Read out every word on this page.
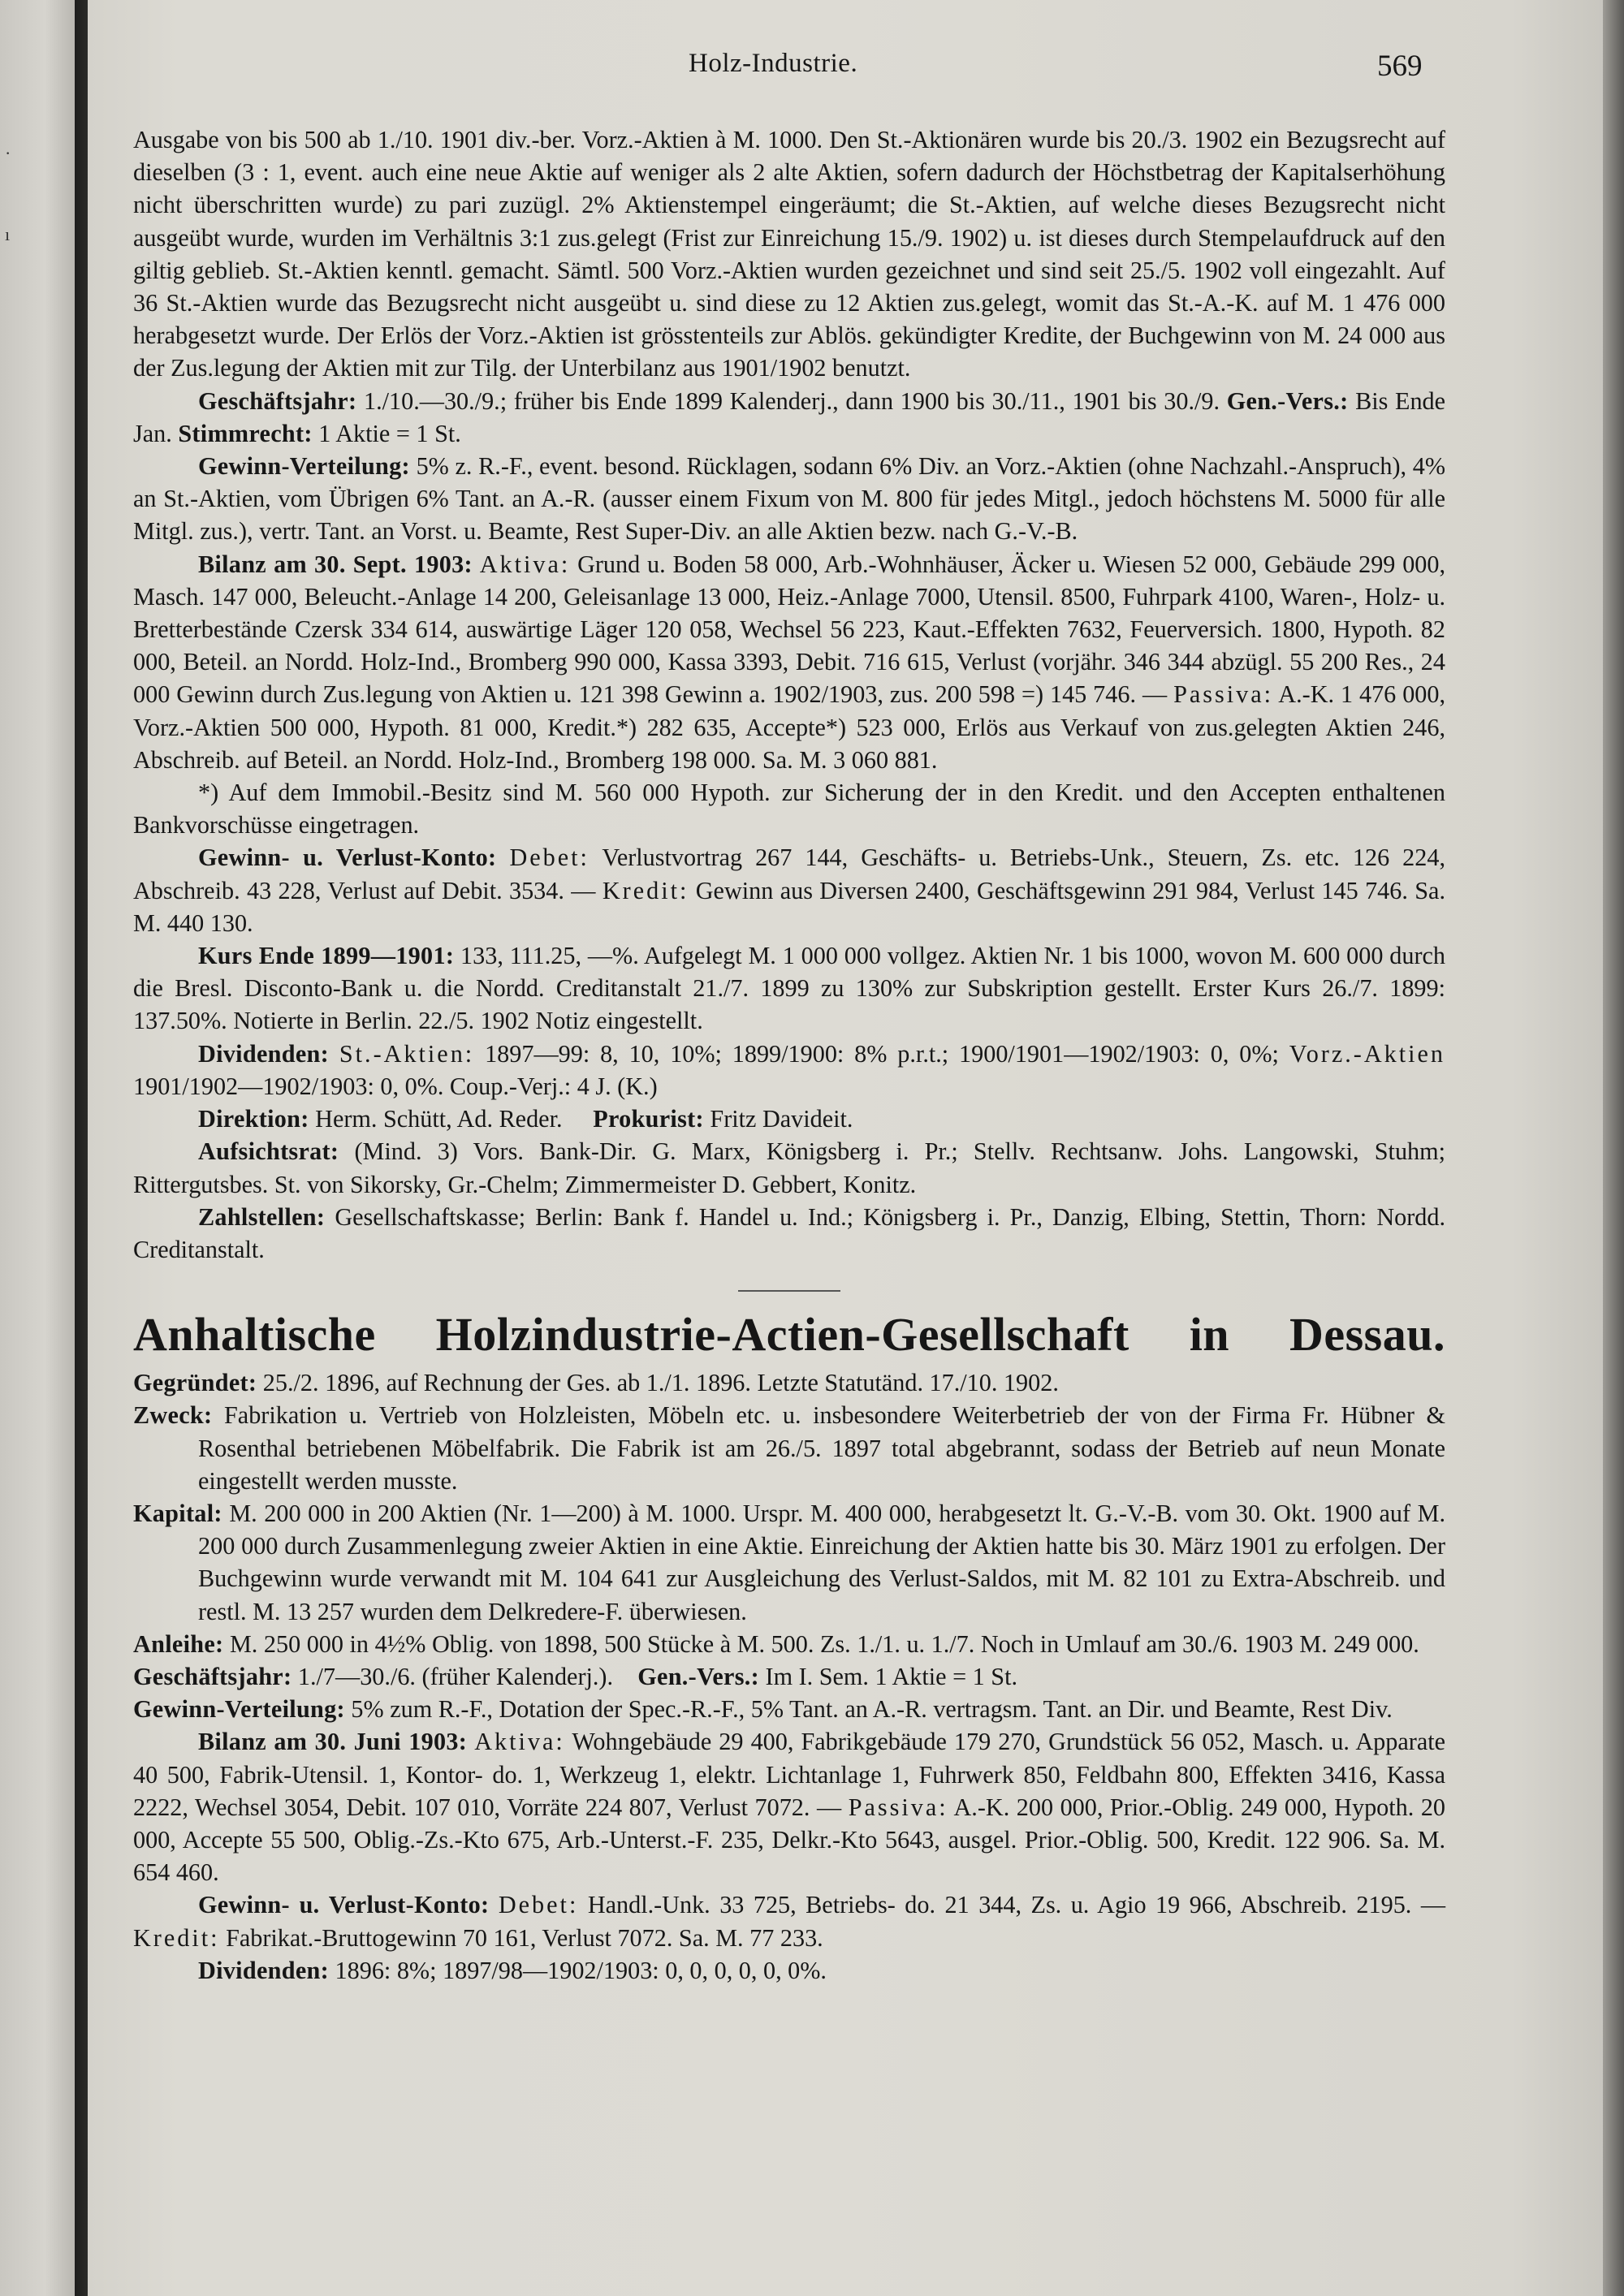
·
ı
Holz-Industrie.	569

Ausgabe von bis 500 ab 1./10. 1901 div.-ber. Vorz.-Aktien à M. 1000. Den St.-Aktionären wurde bis 20./3. 1902 ein Bezugsrecht auf dieselben (3 : 1, event. auch eine neue Aktie auf weniger als 2 alte Aktien, sofern dadurch der Höchstbetrag der Kapitalserhöhung nicht überschritten wurde) zu pari zuzügl. 2% Aktienstempel eingeräumt; die St.-Aktien, auf welche dieses Bezugsrecht nicht ausgeübt wurde, wurden im Verhältnis 3:1 zus.gelegt (Frist zur Einreichung 15./9. 1902) u. ist dieses durch Stempelaufdruck auf den giltig geblieb. St.-Aktien kenntl. gemacht. Sämtl. 500 Vorz.-Aktien wurden gezeichnet und sind seit 25./5. 1902 voll eingezahlt. Auf 36 St.-Aktien wurde das Bezugsrecht nicht ausgeübt u. sind diese zu 12 Aktien zus.gelegt, womit das St.-A.-K. auf M. 1 476 000 herabgesetzt wurde. Der Erlös der Vorz.-Aktien ist grösstenteils zur Ablös. gekündigter Kredite, der Buchgewinn von M. 24 000 aus der Zus.legung der Aktien mit zur Tilg. der Unterbilanz aus 1901/1902 benutzt.

Geschäftsjahr: 1./10.—30./9.; früher bis Ende 1899 Kalenderj., dann 1900 bis 30./11., 1901 bis 30./9. Gen.-Vers.: Bis Ende Jan. Stimmrecht: 1 Aktie = 1 St.

Gewinn-Verteilung: 5% z. R.-F., event. besond. Rücklagen, sodann 6% Div. an Vorz.-Aktien (ohne Nachzahl.-Anspruch), 4% an St.-Aktien, vom Übrigen 6% Tant. an A.-R. (ausser einem Fixum von M. 800 für jedes Mitgl., jedoch höchstens M. 5000 für alle Mitgl. zus.), vertr. Tant. an Vorst. u. Beamte, Rest Super-Div. an alle Aktien bezw. nach G.-V.-B.

Bilanz am 30. Sept. 1903: Aktiva: Grund u. Boden 58 000, Arb.-Wohnhäuser, Äcker u. Wiesen 52 000, Gebäude 299 000, Masch. 147 000, Beleucht.-Anlage 14 200, Geleisanlage 13 000, Heiz.-Anlage 7000, Utensil. 8500, Fuhrpark 4100, Waren-, Holz- u. Bretterbestände Czersk 334 614, auswärtige Läger 120 058, Wechsel 56 223, Kaut.-Effekten 7632, Feuerversich. 1800, Hypoth. 82 000, Beteil. an Nordd. Holz-Ind., Bromberg 990 000, Kassa 3393, Debit. 716 615, Verlust (vorjähr. 346 344 abzügl. 55 200 Res., 24 000 Gewinn durch Zus.legung von Aktien u. 121 398 Gewinn a. 1902/1903, zus. 200 598 =) 145 746. — Passiva: A.-K. 1 476 000, Vorz.-Aktien 500 000, Hypoth. 81 000, Kredit.*) 282 635, Accepte*) 523 000, Erlös aus Verkauf von zus.gelegten Aktien 246, Abschreib. auf Beteil. an Nordd. Holz-Ind., Bromberg 198 000. Sa. M. 3 060 881.

*) Auf dem Immobil.-Besitz sind M. 560 000 Hypoth. zur Sicherung der in den Kredit. und den Accepten enthaltenen Bankvorschüsse eingetragen.

Gewinn- u. Verlust-Konto: Debet: Verlustvortrag 267 144, Geschäfts- u. Betriebs-Unk., Steuern, Zs. etc. 126 224, Abschreib. 43 228, Verlust auf Debit. 3534. — Kredit: Gewinn aus Diversen 2400, Geschäftsgewinn 291 984, Verlust 145 746. Sa. M. 440 130.

Kurs Ende 1899—1901: 133, 111.25, —%. Aufgelegt M. 1 000 000 vollgez. Aktien Nr. 1 bis 1000, wovon M. 600 000 durch die Bresl. Disconto-Bank u. die Nordd. Creditanstalt 21./7. 1899 zu 130% zur Subskription gestellt. Erster Kurs 26./7. 1899: 137.50%. Notierte in Berlin. 22./5. 1902 Notiz eingestellt.

Dividenden: St.-Aktien: 1897—99: 8, 10, 10%; 1899/1900: 8% p.r.t.; 1900/1901—1902/1903: 0, 0%; Vorz.-Aktien 1901/1902—1902/1903: 0, 0%. Coup.-Verj.: 4 J. (K.)

Direktion: Herm. Schütt, Ad. Reder. Prokurist: Fritz Davideit.

Aufsichtsrat: (Mind. 3) Vors. Bank-Dir. G. Marx, Königsberg i. Pr.; Stellv. Rechtsanw. Johs. Langowski, Stuhm; Rittergutsbes. St. von Sikorsky, Gr.-Chelm; Zimmermeister D. Gebbert, Konitz.

Zahlstellen: Gesellschaftskasse; Berlin: Bank f. Handel u. Ind.; Königsberg i. Pr., Danzig, Elbing, Stettin, Thorn: Nordd. Creditanstalt.

Anhaltische Holzindustrie-Actien-Gesellschaft in Dessau.

Gegründet: 25./2. 1896, auf Rechnung der Ges. ab 1./1. 1896. Letzte Statutänd. 17./10. 1902.

Zweck: Fabrikation u. Vertrieb von Holzleisten, Möbeln etc. u. insbesondere Weiterbetrieb der von der Firma Fr. Hübner & Rosenthal betriebenen Möbelfabrik. Die Fabrik ist am 26./5. 1897 total abgebrannt, sodass der Betrieb auf neun Monate eingestellt werden musste.

Kapital: M. 200 000 in 200 Aktien (Nr. 1—200) à M. 1000. Urspr. M. 400 000, herabgesetzt lt. G.-V.-B. vom 30. Okt. 1900 auf M. 200 000 durch Zusammenlegung zweier Aktien in eine Aktie. Einreichung der Aktien hatte bis 30. März 1901 zu erfolgen. Der Buchgewinn wurde verwandt mit M. 104 641 zur Ausgleichung des Verlust-Saldos, mit M. 82 101 zu Extra-Abschreib. und restl. M. 13 257 wurden dem Delkredere-F. überwiesen.

Anleihe: M. 250 000 in 4½% Oblig. von 1898, 500 Stücke à M. 500. Zs. 1./1. u. 1./7. Noch in Umlauf am 30./6. 1903 M. 249 000.

Geschäftsjahr: 1./7—30./6. (früher Kalenderj.). Gen.-Vers.: Im I. Sem. 1 Aktie = 1 St.

Gewinn-Verteilung: 5% zum R.-F., Dotation der Spec.-R.-F., 5% Tant. an A.-R. vertragsm. Tant. an Dir. und Beamte, Rest Div.

Bilanz am 30. Juni 1903: Aktiva: Wohngebäude 29 400, Fabrikgebäude 179 270, Grundstück 56 052, Masch. u. Apparate 40 500, Fabrik-Utensil. 1, Kontor- do. 1, Werkzeug 1, elektr. Lichtanlage 1, Fuhrwerk 850, Feldbahn 800, Effekten 3416, Kassa 2222, Wechsel 3054, Debit. 107 010, Vorräte 224 807, Verlust 7072. — Passiva: A.-K. 200 000, Prior.-Oblig. 249 000, Hypoth. 20 000, Accepte 55 500, Oblig.-Zs.-Kto 675, Arb.-Unterst.-F. 235, Delkr.-Kto 5643, ausgel. Prior.-Oblig. 500, Kredit. 122 906. Sa. M. 654 460.

Gewinn- u. Verlust-Konto: Debet: Handl.-Unk. 33 725, Betriebs- do. 21 344, Zs. u. Agio 19 966, Abschreib. 2195. — Kredit: Fabrikat.-Bruttogewinn 70 161, Verlust 7072. Sa. M. 77 233.

Dividenden: 1896: 8%; 1897/98—1902/1903: 0, 0, 0, 0, 0, 0%.
